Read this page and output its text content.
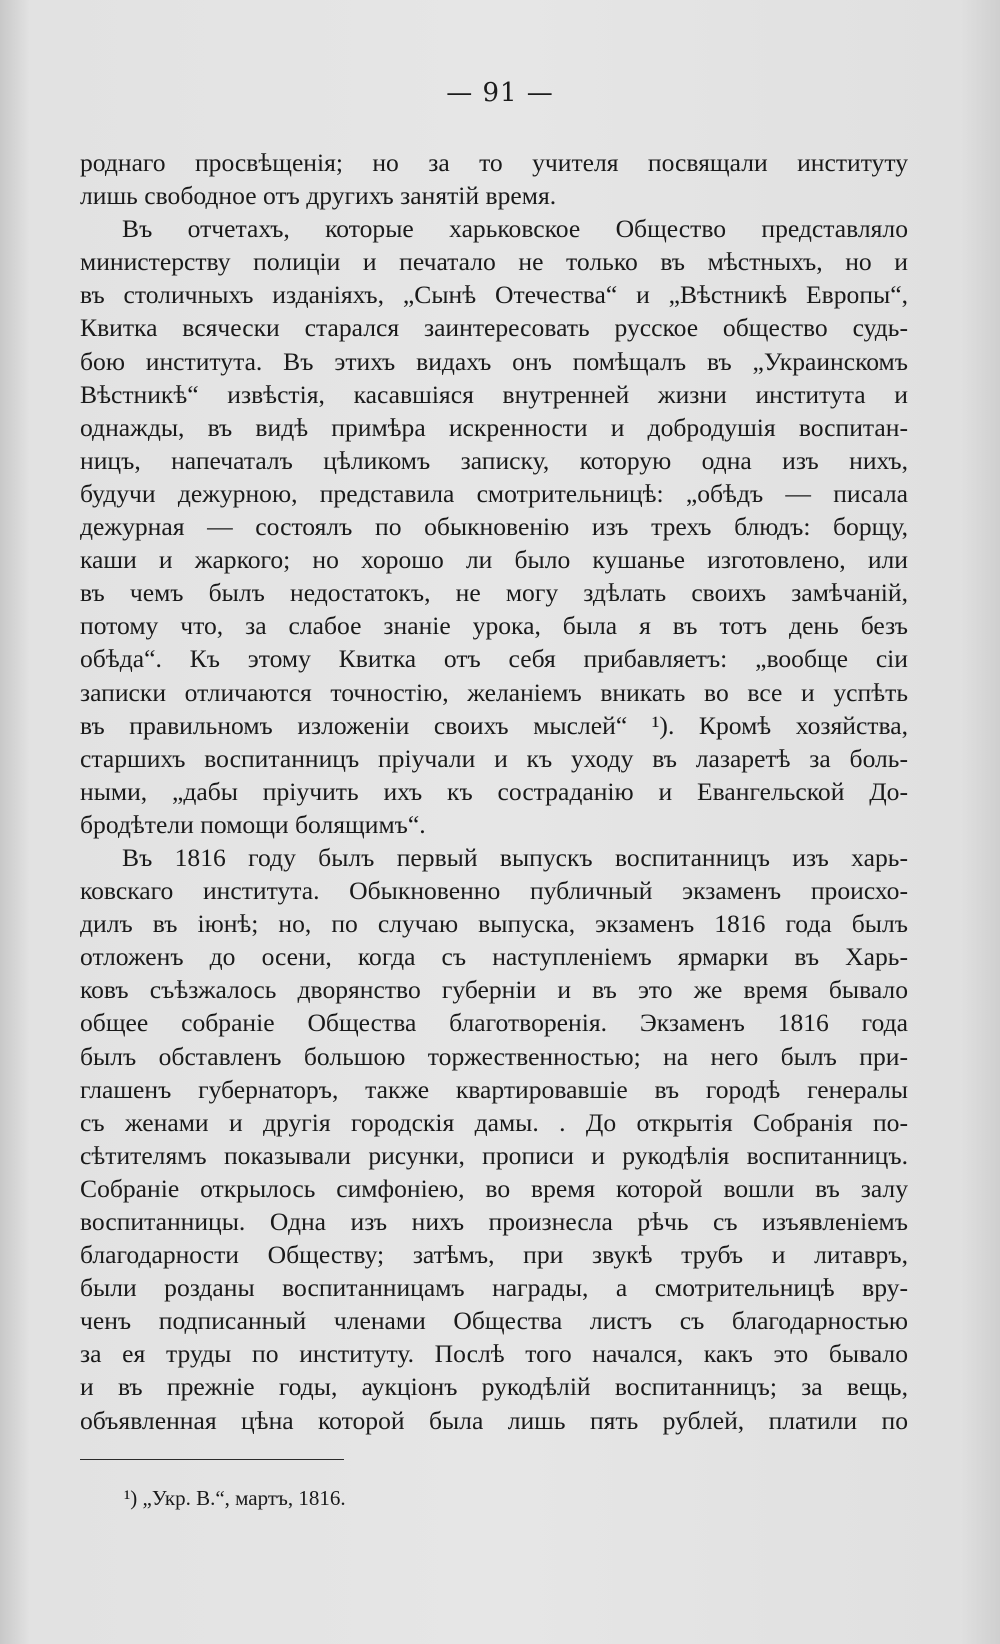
— 91 —
роднаго просвѣщенія; но за то учителя посвящали институту
лишь свободное отъ другихъ занятій время.
Въ отчетахъ, которые харьковское Общество представляло
министерству полиціи и печатало не только въ мѣстныхъ, но и
въ столичныхъ изданіяхъ, „Сынѣ Отечества“ и „Вѣстникѣ Европы“,
Квитка всячески старался заинтересовать русское общество судь-
бою института. Въ этихъ видахъ онъ помѣщалъ въ „Украинскомъ
Вѣстникѣ“ извѣстія, касавшіяся внутренней жизни института и
однажды, въ видѣ примѣра искренности и добродушія воспитан-
ницъ, напечаталъ цѣликомъ записку, которую одна изъ нихъ,
будучи дежурною, представила смотрительницѣ: „обѣдъ — писала
дежурная — состоялъ по обыкновенію изъ трехъ блюдъ: борщу,
каши и жаркого; но хорошо ли было кушанье изготовлено, или
въ чемъ былъ недостатокъ, не могу здѣлать своихъ замѣчаній,
потому что, за слабое знаніе урока, была я въ тотъ день безъ
обѣда“. Къ этому Квитка отъ себя прибавляетъ: „вообще сіи
записки отличаются точностію, желаніемъ вникать во все и успѣть
въ правильномъ изложеніи своихъ мыслей“ ¹). Кромѣ хозяйства,
старшихъ воспитанницъ пріучали и къ уходу въ лазаретѣ за боль-
ными, „дабы пріучить ихъ къ состраданію и Евангельской До-
бродѣтели помощи болящимъ“.
Въ 1816 году былъ первый выпускъ воспитанницъ изъ харь-
ковскаго института. Обыкновенно публичный экзаменъ происхо-
дилъ въ іюнѣ; но, по случаю выпуска, экзаменъ 1816 года былъ
отложенъ до осени, когда съ наступленіемъ ярмарки въ Харь-
ковъ съѣзжалось дворянство губерніи и въ это же время бывало
общее собраніе Общества благотворенія. Экзаменъ 1816 года
былъ обставленъ большою торжественностью; на него былъ при-
глашенъ губернаторъ, также квартировавшіе въ городѣ генералы
съ женами и другія городскія дамы. . До открытія Собранія по-
сѣтителямъ показывали рисунки, прописи и рукодѣлія воспитанницъ.
Собраніе открылось симфоніею, во время которой вошли въ залу
воспитанницы. Одна изъ нихъ произнесла рѣчь съ изъявленіемъ
благодарности Обществу; затѣмъ, при звукѣ трубъ и литавръ,
были розданы воспитанницамъ награды, а смотрительницѣ вру-
ченъ подписанный членами Общества листъ съ благодарностью
за ея труды по институту. Послѣ того начался, какъ это бывало
и въ прежніе годы, аукціонъ рукодѣлій воспитанницъ; за вещь,
объявленная цѣна которой была лишь пять рублей, платили по
¹) „Укр. В.“, мартъ, 1816.
